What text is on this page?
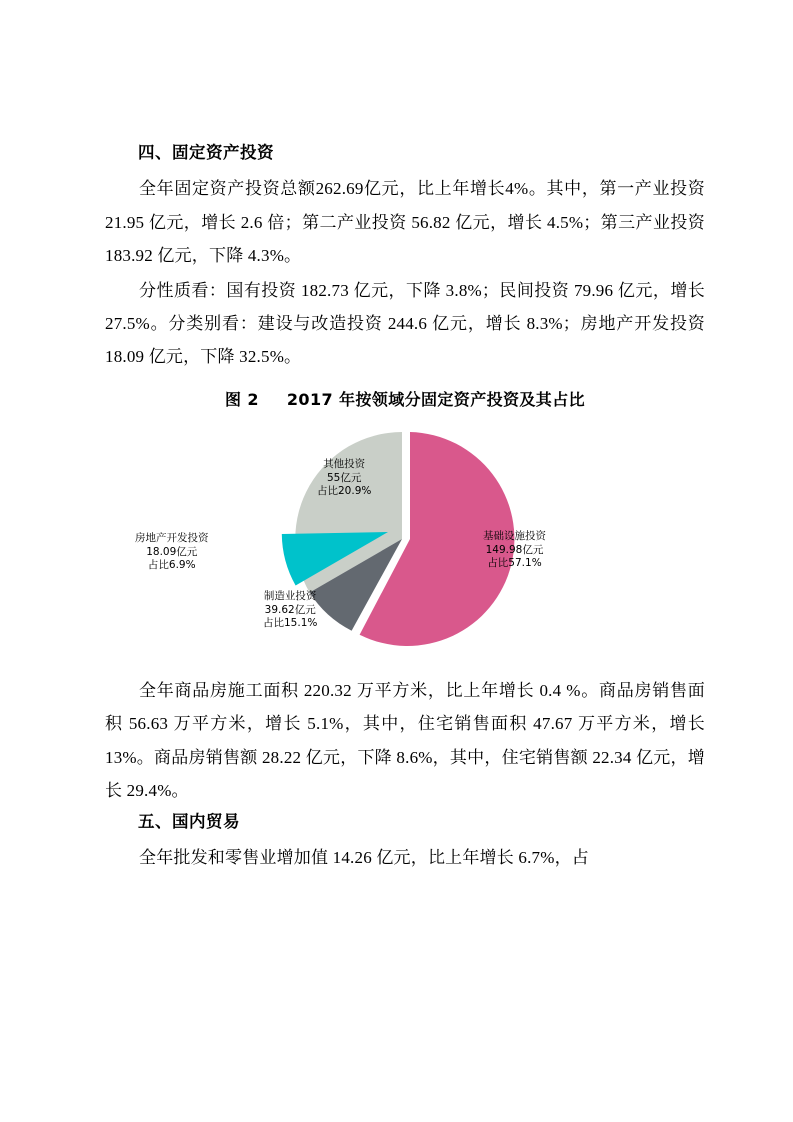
四、固定资产投资

全年固定资产投资总额262.69亿元，比上年增长4%。其中，第一产业投资 21.95 亿元，增长 2.6 倍；第二产业投资 56.82 亿元，增长 4.5%；第三产业投资 183.92 亿元，下降 4.3%。

分性质看：国有投资 182.73 亿元，下降 3.8%；民间投资 79.96 亿元，增长 27.5%。分类别看：建设与改造投资 244.6 亿元，增长 8.3%；房地产开发投资 18.09 亿元，下降 32.5%。

图 2 2017 年按领域分固定资产投资及其占比
其他投资
55亿元
占比20.9%
房地产开发投资
18.09亿元
占比6.9%
制造业投资
39.62亿元
占比15.1%
基础设施投资
149.98亿元
占比57.1%

全年商品房施工面积 220.32 万平方米，比上年增长 0.4 %。商品房销售面积 56.63 万平方米，增长 5.1%，其中，住宅销售面积 47.67 万平方米，增长 13%。商品房销售额 28.22 亿元，下降 8.6%，其中，住宅销售额 22.34 亿元，增长 29.4%。

五、国内贸易

全年批发和零售业增加值 14.26 亿元，比上年增长 6.7%，占
